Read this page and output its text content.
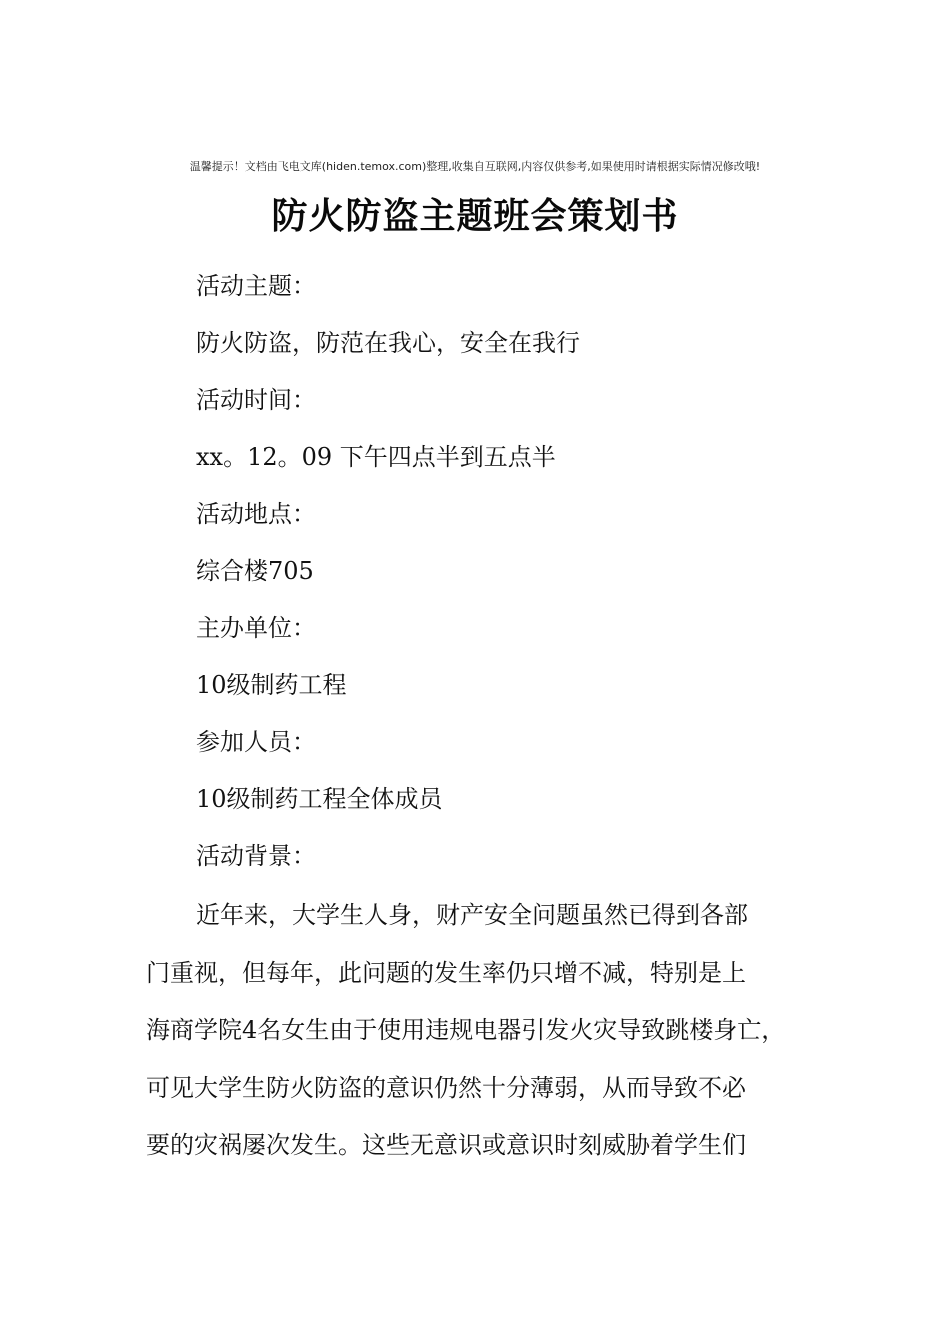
温馨提示！文档由飞电文库(hiden.temox.com)整理,收集自互联网,内容仅供参考,如果使用时请根据实际情况修改哦!
防火防盗主题班会策划书
活动主题：
防火防盗，防范在我心，安全在我行
活动时间：
xx。12。09 下午四点半到五点半
活动地点：
综合楼705
主办单位：
10级制药工程
参加人员：
10级制药工程全体成员
活动背景：
近年来，大学生人身，财产安全问题虽然已得到各部
门重视，但每年，此问题的发生率仍只增不减，特别是上
海商学院4名女生由于使用违规电器引发火灾导致跳楼身亡，
可见大学生防火防盗的意识仍然十分薄弱，从而导致不必
要的灾祸屡次发生。这些无意识或意识时刻威胁着学生们
